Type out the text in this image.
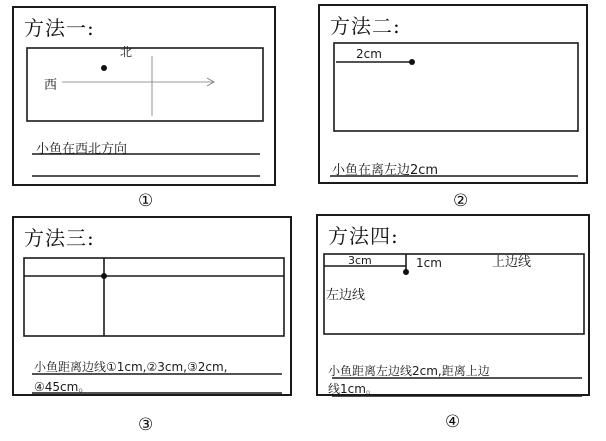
方法一:
北
西
小鱼在西北方向
方法二:
2cm
小鱼在离左边2cm
方法三:
小鱼距离边线①1cm,②3cm,③2cm,
④45cm。
方法四:
3cm	1cm	上边线
左边线
小鱼距离左边线2cm,距离上边
线1cm。
①	②
③	④
